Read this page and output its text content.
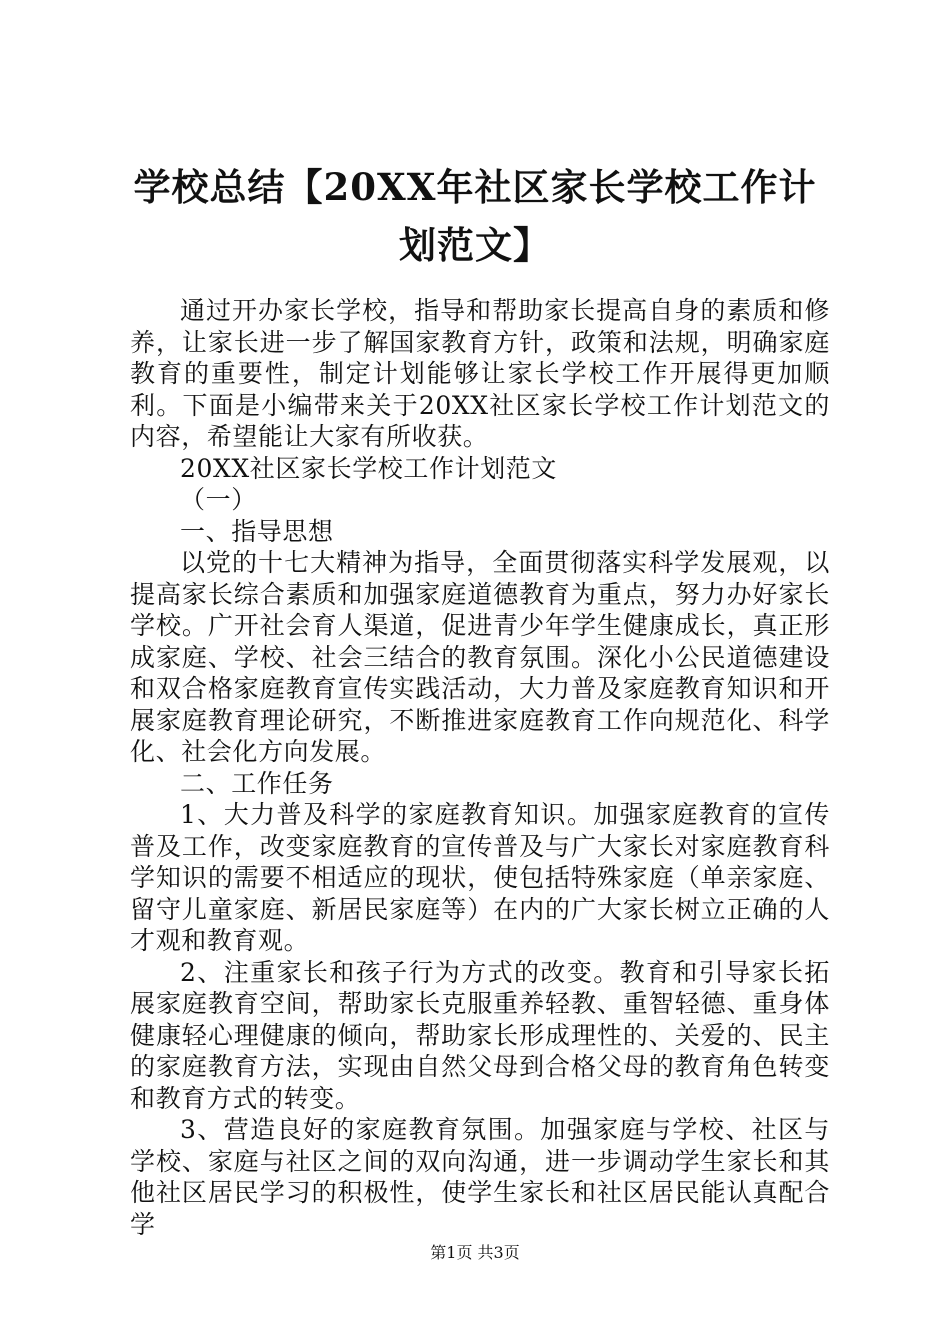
学校总结【20XX年社区家长学校工作计划范文】

通过开办家长学校，指导和帮助家长提高自身的素质和修养，让家长进一步了解国家教育方针，政策和法规，明确家庭教育的重要性，制定计划能够让家长学校工作开展得更加顺利。下面是小编带来关于20XX社区家长学校工作计划范文的内容，希望能让大家有所收获。

20XX社区家长学校工作计划范文

（一）

一、指导思想

以党的十七大精神为指导，全面贯彻落实科学发展观，以提高家长综合素质和加强家庭道德教育为重点，努力办好家长学校。广开社会育人渠道，促进青少年学生健康成长，真正形成家庭、学校、社会三结合的教育氛围。深化小公民道德建设和双合格家庭教育宣传实践活动，大力普及家庭教育知识和开展家庭教育理论研究，不断推进家庭教育工作向规范化、科学化、社会化方向发展。

二、工作任务

1、大力普及科学的家庭教育知识。加强家庭教育的宣传普及工作，改变家庭教育的宣传普及与广大家长对家庭教育科学知识的需要不相适应的现状，使包括特殊家庭（单亲家庭、留守儿童家庭、新居民家庭等）在内的广大家长树立正确的人才观和教育观。

2、注重家长和孩子行为方式的改变。教育和引导家长拓展家庭教育空间，帮助家长克服重养轻教、重智轻德、重身体健康轻心理健康的倾向，帮助家长形成理性的、关爱的、民主的家庭教育方法，实现由自然父母到合格父母的教育角色转变和教育方式的转变。

3、营造良好的家庭教育氛围。加强家庭与学校、社区与学校、家庭与社区之间的双向沟通，进一步调动学生家长和其他社区居民学习的积极性，使学生家长和社区居民能认真配合学

第1页 共3页
